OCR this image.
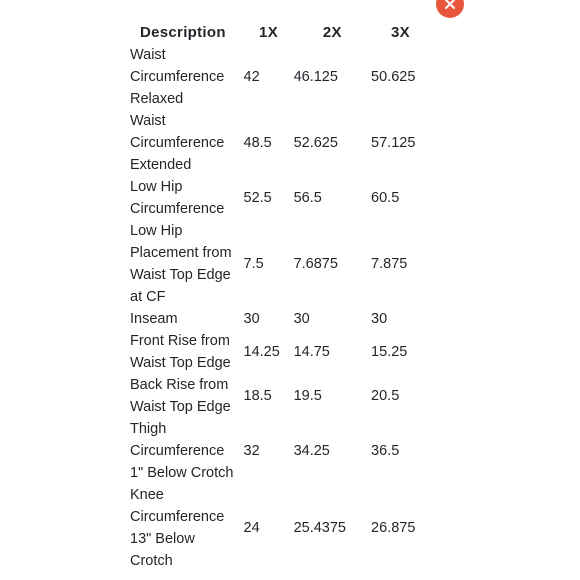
Description	1X	2X	3X
Waist
Circumference
Relaxed	42	46.125	50.625
Waist
Circumference
Extended	48.5	52.625	57.125
Low Hip
Circumference	52.5	56.5	60.5
Low Hip
Placement from
Waist Top Edge
at CF	7.5	7.6875	7.875
Inseam	30	30	30
Front Rise from
Waist Top Edge	14.25	14.75	15.25
Back Rise from
Waist Top Edge	18.5	19.5	20.5
Thigh
Circumference
1" Below Crotch	32	34.25	36.5
Knee
Circumference
13" Below
Crotch	24	25.4375	26.875
